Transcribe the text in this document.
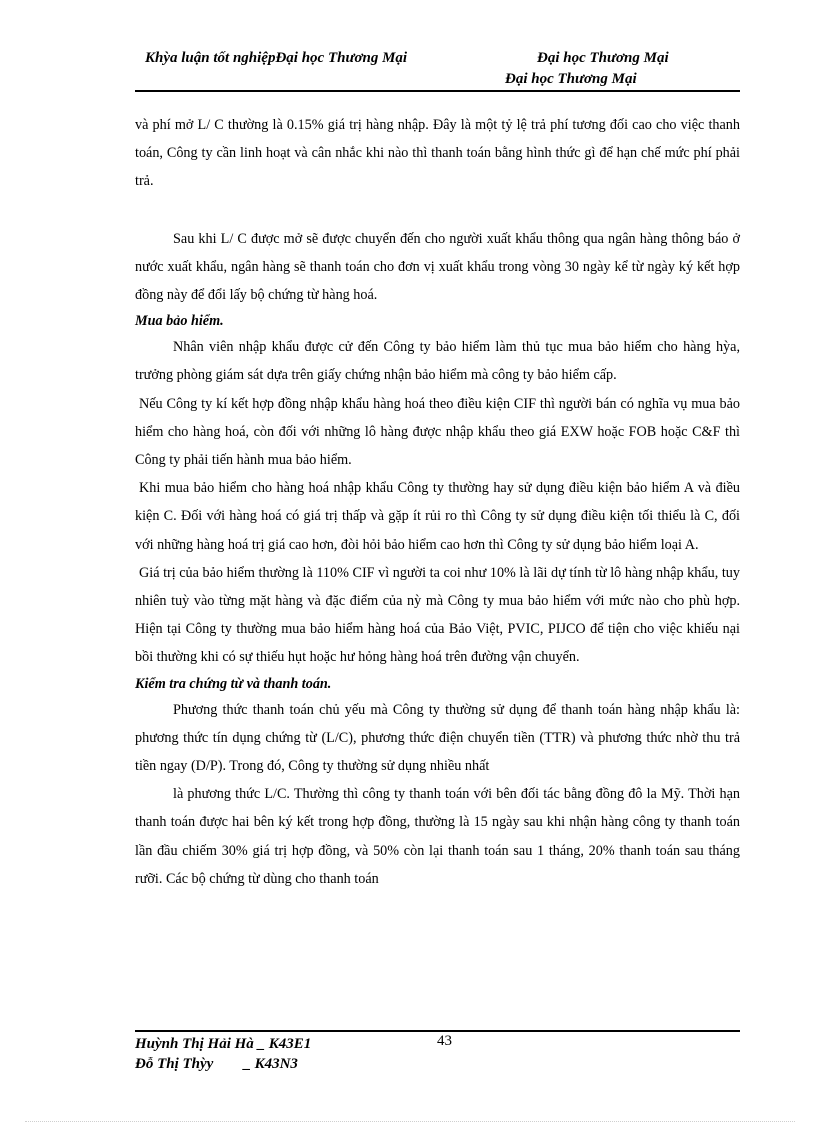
Khỳa luận tốt nghiệpĐại học Thương Mại	Đại học Thương Mại
Đại học Thương Mại

và phí mở L/ C thường là 0.15% giá trị hàng nhập. Đây là một tỷ lệ trả phí tương đối cao cho việc thanh toán, Công ty cần linh hoạt và cân nhắc khi nào thì thanh toán bằng hình thức gì để hạn chế mức phí phải trả.

Sau khi L/ C được mở sẽ được chuyển đến cho người xuất khẩu thông qua ngân hàng thông báo ở nước xuất khẩu, ngân hàng sẽ thanh toán cho đơn vị xuất khẩu trong vòng 30 ngày kể từ ngày ký kết hợp đồng này để đổi lấy bộ chứng từ hàng hoá.

Mua bảo hiểm.

Nhân viên nhập khẩu được cử đến Công ty bảo hiểm làm thủ tục mua bảo hiểm cho hàng hỳa, trưởng phòng giám sát dựa trên giấy chứng nhận bảo hiểm mà công ty bảo hiểm cấp.

Nếu Công ty kí kết hợp đồng nhập khẩu hàng hoá theo điều kiện CIF thì người bán có nghĩa vụ mua bảo hiểm cho hàng hoá, còn đối với những lô hàng được nhập khẩu theo giá EXW hoặc FOB hoặc C&F thì Công ty phải tiến hành mua bảo hiểm.

Khi mua bảo hiểm cho hàng hoá nhập khẩu Công ty thường hay sử dụng điều kiện bảo hiểm A và điều kiện C. Đối với hàng hoá có giá trị thấp và gặp ít rủi ro thì Công ty sử dụng điều kiện tối thiểu là C, đối với những hàng hoá trị giá cao hơn, đòi hỏi bảo hiểm cao hơn thì Công ty sử dụng bảo hiểm loại A.

Giá trị của bảo hiểm thường là 110% CIF vì người ta coi như 10% là lãi dự tính từ lô hàng nhập khẩu, tuy nhiên tuỳ vào từng mặt hàng và đặc điểm của nỳ mà Công ty mua bảo hiểm với mức nào cho phù hợp. Hiện tại Công ty thường mua bảo hiểm hàng hoá của Bảo Việt, PVIC, PIJCO để tiện cho việc khiếu nại bồi thường khi có sự thiếu hụt hoặc hư hỏng hàng hoá trên đường vận chuyển.

Kiểm tra chứng từ và thanh toán.

Phương thức thanh toán chủ yếu mà Công ty thường sử dụng để thanh toán hàng nhập khẩu là: phương thức tín dụng chứng từ (L/C), phương thức điện chuyển tiền (TTR) và phương thức nhờ thu trả tiền ngay (D/P). Trong đó, Công ty thường sử dụng nhiều nhất

là phương thức L/C. Thường thì công ty thanh toán với bên đối tác bằng đồng đô la Mỹ. Thời hạn thanh toán được hai bên ký kết trong hợp đồng, thường là 15 ngày sau khi nhận hàng công ty thanh toán lần đầu chiếm 30% giá trị hợp đồng, và 50% còn lại thanh toán sau 1 tháng, 20% thanh toán sau tháng rưỡi. Các bộ chứng từ dùng cho thanh toán

43
Huỳnh Thị Hải Hà _ K43E1
Đỗ Thị Thỳy        _ K43N3
